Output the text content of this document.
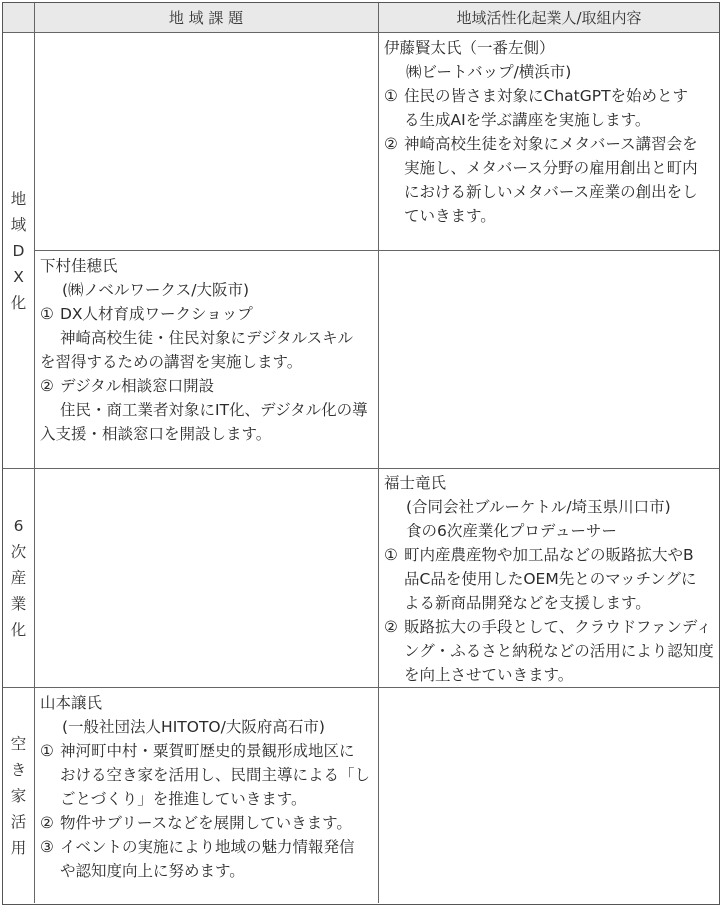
地 域 課 題	地域活性化起業人/取組内容
地
域
D
X
化
6
次
産
業
化
空
き
家
活
用
伊藤賢太氏（一番左側）
㈱ビートバップ/横浜市)
① 住民の皆さま対象にChatGPTを始めとす
る生成AIを学ぶ講座を実施します。
② 神崎高校生徒を対象にメタバース講習会を
実施し、メタバース分野の雇用創出と町内
における新しいメタバース産業の創出をし
ていきます。
下村佳穂氏
(㈱ノベルワークス/大阪市)
① DX人材育成ワークショップ
神崎高校生徒・住民対象にデジタルスキル
を習得するための講習を実施します。
② デジタル相談窓口開設
住民・商工業者対象にIT化、デジタル化の導
入支援・相談窓口を開設します。
福士竜氏
(合同会社ブルーケトル/埼玉県川口市)
食の6次産業化プロデューサー
① 町内産農産物や加工品などの販路拡大やB
品C品を使用したOEM先とのマッチングに
よる新商品開発などを支援します。
② 販路拡大の手段として、クラウドファンディ
ング・ふるさと納税などの活用により認知度
を向上させていきます。
山本譲氏
(一般社団法人HITOTO/大阪府高石市)
① 神河町中村・粟賀町歴史的景観形成地区に
おける空き家を活用し、民間主導による「し
ごとづくり」を推進していきます。
② 物件サブリースなどを展開していきます。
③ イベントの実施により地域の魅力情報発信
や認知度向上に努めます。
